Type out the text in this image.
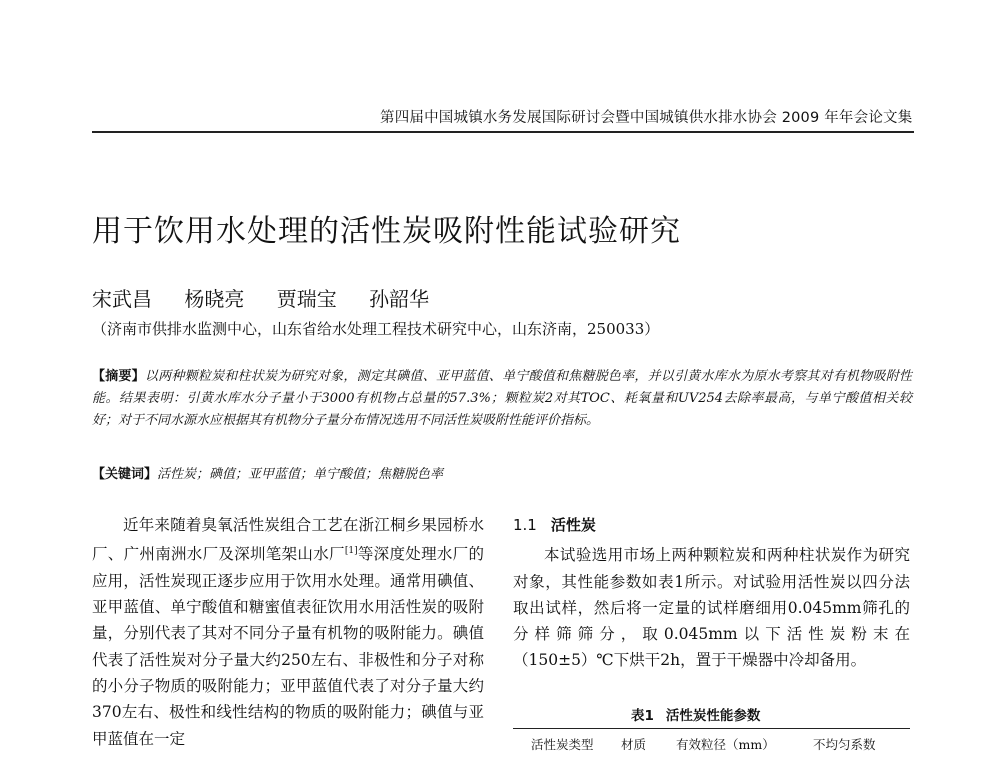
第四届中国城镇水务发展国际研讨会暨中国城镇供水排水协会 2009 年年会论文集
用于饮用水处理的活性炭吸附性能试验研究
宋武昌 杨晓亮 贾瑞宝 孙韶华
（济南市供排水监测中心，山东省给水处理工程技术研究中心，山东济南，250033）
【摘要】以两种颗粒炭和柱状炭为研究对象，测定其碘值、亚甲蓝值、单宁酸值和焦糖脱色率，并以引黄水库水为原水考察其对有机物吸附性能。结果表明：引黄水库水分子量小于3000有机物占总量的57.3%；颗粒炭2对其TOC、耗氧量和UV254去除率最高，与单宁酸值相关较好；对于不同水源水应根据其有机物分子量分布情况选用不同活性炭吸附性能评价指标。
【关键词】活性炭；碘值；亚甲蓝值；单宁酸值；焦糖脱色率

近年来随着臭氧活性炭组合工艺在浙江桐乡果园桥水厂、广州南洲水厂及深圳笔架山水厂[1]等深度处理水厂的应用，活性炭现正逐步应用于饮用水处理。通常用碘值、亚甲蓝值、单宁酸值和糖蜜值表征饮用水用活性炭的吸附量，分别代表了其对不同分子量有机物的吸附能力。碘值代表了活性炭对分子量大约250左右、非极性和分子对称的小分子物质的吸附能力；亚甲蓝值代表了对分子量大约370左右、极性和线性结构的物质的吸附能力；碘值与亚甲蓝值在一定

1.1 活性炭

本试验选用市场上两种颗粒炭和两种柱状炭作为研究对象，其性能参数如表1所示。对试验用活性炭以四分法取出试样，然后将一定量的试样磨细用0.045mm筛孔的分样筛筛分，取0.045mm以下活性炭粉末在（150±5）℃下烘干2h，置于干燥器中冷却备用。

表1 活性炭性能参数
活性炭类型 材质 有效粒径（mm）	不均匀系数
